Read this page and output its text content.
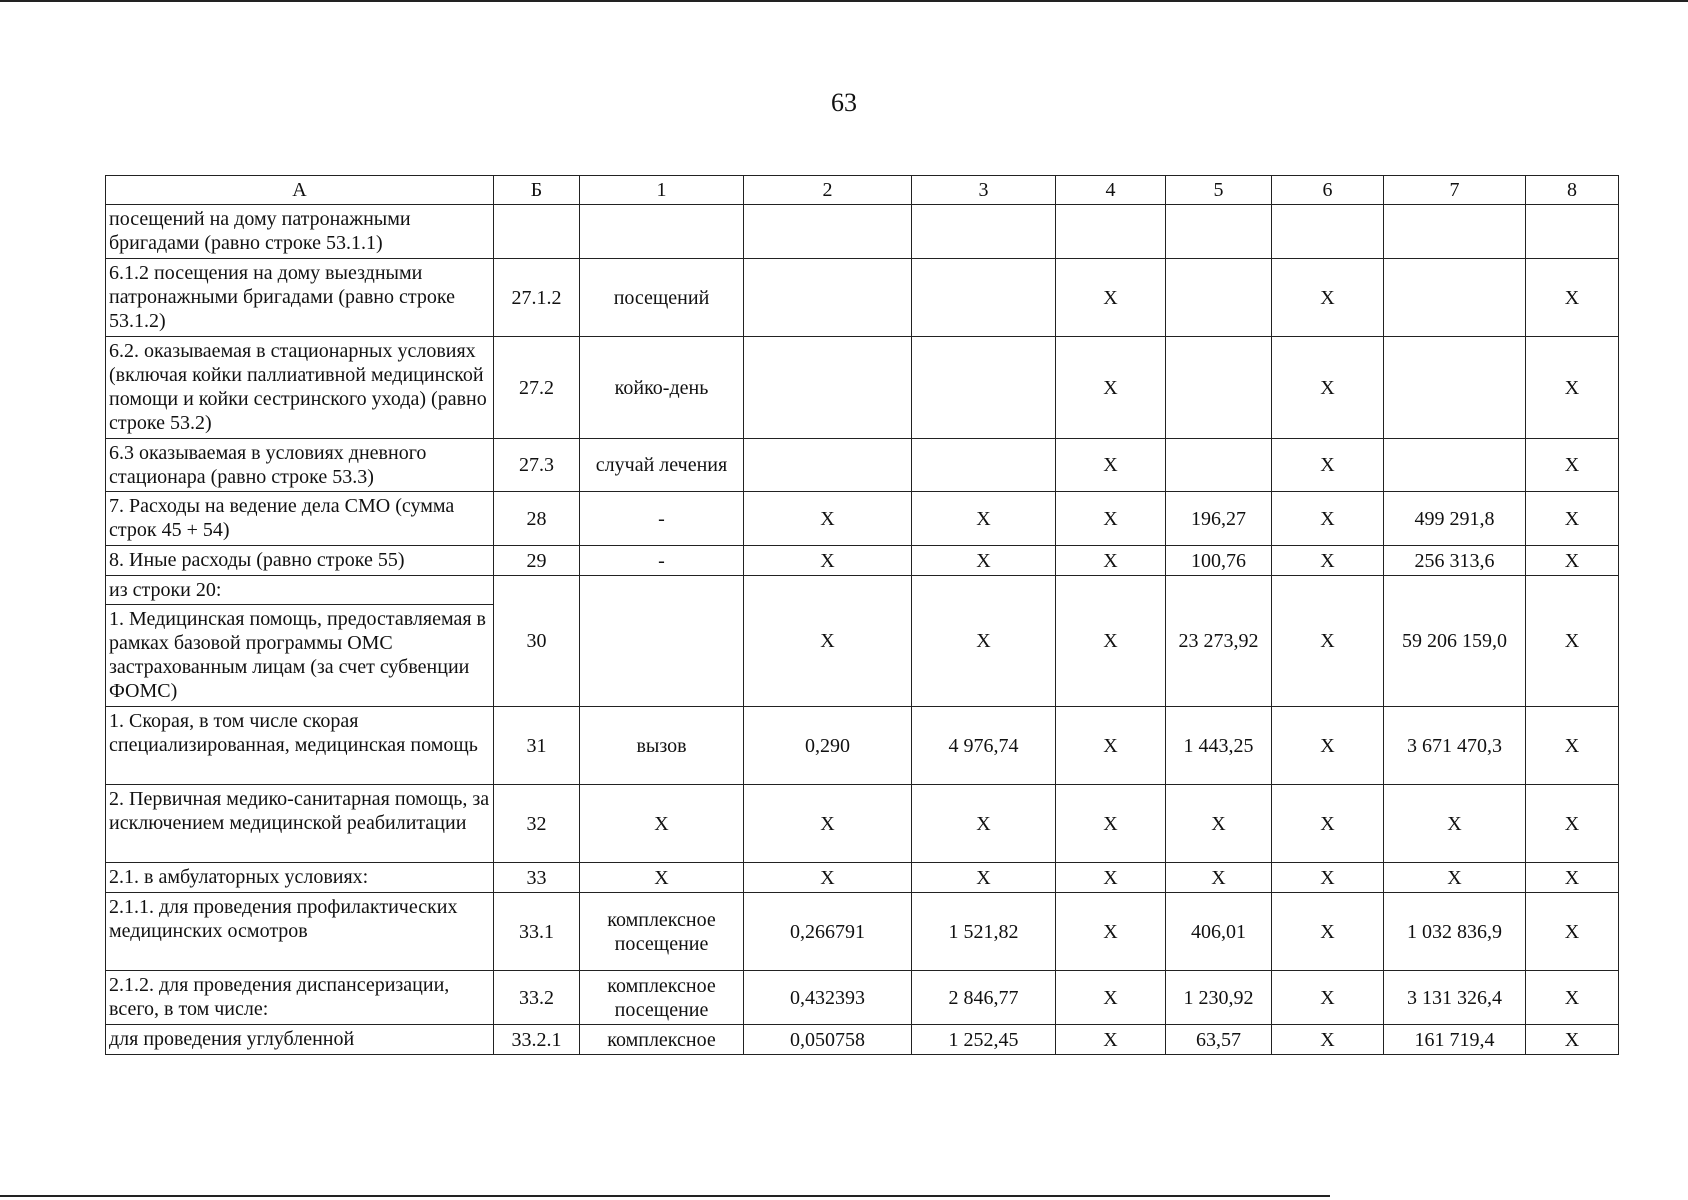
63
А	Б	1	2	3	4	5	6	7	8
посещений на дому патронажными бригадами (равно строке 53.1.1)									
6.1.2 посещения на дому выездными патронажными бригадами (равно строке 53.1.2)	27.1.2	посещений			Х		Х		Х
6.2. оказываемая в стационарных условиях (включая койки паллиативной медицинской помощи и койки сестринского ухода) (равно строке 53.2)	27.2	койко-день			Х		Х		Х
6.3 оказываемая в условиях дневного стационара (равно строке 53.3)	27.3	случай лечения			Х		Х		Х
7. Расходы на ведение дела СМО (сумма строк 45 + 54)	28	-	Х	Х	Х	196,27	Х	499 291,8	Х
8. Иные расходы (равно строке 55)	29	-	Х	Х	Х	100,76	Х	256 313,6	Х
из строки 20:	30		Х	Х	Х	23 273,92	Х	59 206 159,0	Х
1. Медицинская помощь, предоставляемая в рамках базовой программы ОМС застрахованным лицам (за счет субвенции ФОМС)									
1. Скорая, в том числе скорая специализированная, медицинская помощь	31	вызов	0,290	4 976,74	Х	1 443,25	Х	3 671 470,3	Х
2. Первичная медико-санитарная помощь, за исключением медицинской реабилитации	32	Х	Х	Х	Х	Х	Х	Х	Х
2.1. в амбулаторных условиях:	33	Х	Х	Х	Х	Х	Х	Х	Х
2.1.1. для проведения профилактических медицинских осмотров	33.1	комплексное посещение	0,266791	1 521,82	Х	406,01	Х	1 032 836,9	Х
2.1.2. для проведения диспансеризации, всего, в том числе:	33.2	комплексное посещение	0,432393	2 846,77	Х	1 230,92	Х	3 131 326,4	Х
для проведения углубленной	33.2.1	комплексное	0,050758	1 252,45	Х	63,57	Х	161 719,4	Х
